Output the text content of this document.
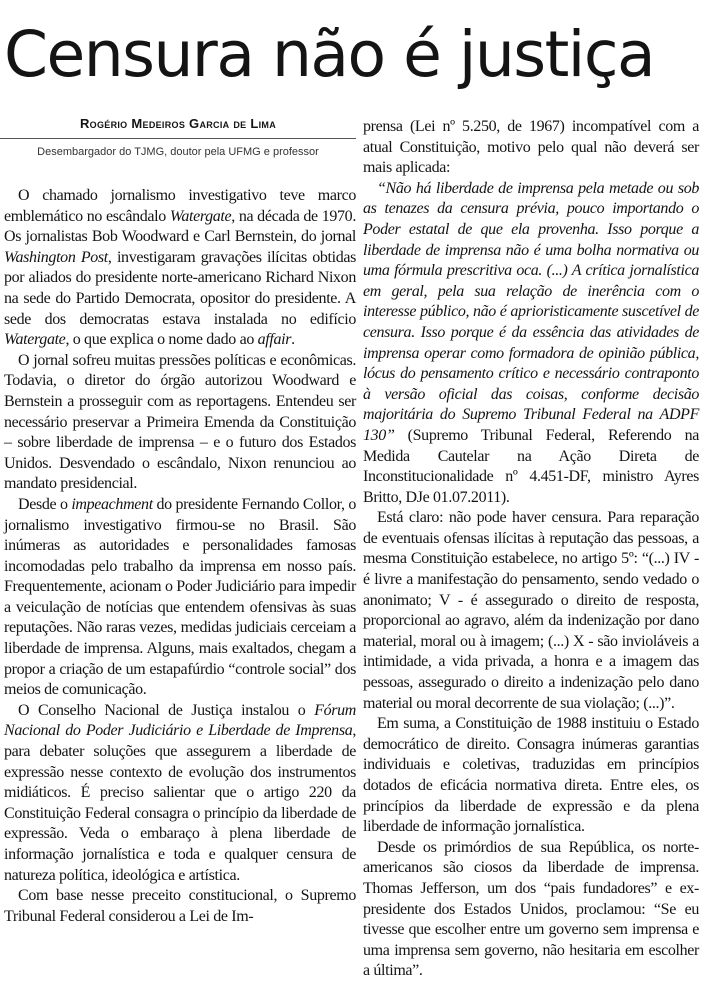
Censura não é justiça
Rogério Medeiros Garcia de Lima
Desembargador do TJMG, doutor pela UFMG e professor

O chamado jornalismo investigativo teve marco emblemático no escândalo Watergate, na década de 1970. Os jornalistas Bob Woodward e Carl Bernstein, do jornal Washington Post, investigaram gravações ilícitas obtidas por aliados do presidente norte-americano Richard Nixon na sede do Partido Democrata, opositor do presidente. A sede dos democratas estava instalada no edifício Watergate, o que explica o nome dado ao affair.

O jornal sofreu muitas pressões políticas e econômicas. Todavia, o diretor do órgão autorizou Woodward e Bernstein a prosseguir com as reportagens. Entendeu ser necessário preservar a Primeira Emenda da Constituição – sobre liberdade de imprensa – e o futuro dos Estados Unidos. Desvendado o escândalo, Nixon renunciou ao mandato presidencial.

Desde o impeachment do presidente Fernando Collor, o jornalismo investigativo firmou-se no Brasil. São inúmeras as autoridades e personalidades famosas incomodadas pelo trabalho da imprensa em nosso país. Frequentemente, acionam o Poder Judiciário para impedir a veiculação de notícias que entendem ofensivas às suas reputações. Não raras vezes, medidas judiciais cerceiam a liberdade de imprensa. Alguns, mais exaltados, chegam a propor a criação de um estapafúrdio “controle social” dos meios de comunicação.

O Conselho Nacional de Justiça instalou o Fórum Nacional do Poder Judiciário e Liberdade de Imprensa, para debater soluções que assegurem a liberdade de expressão nesse contexto de evolução dos instrumentos midiáticos. É preciso salientar que o artigo 220 da Constituição Federal consagra o princípio da liberdade de expressão. Veda o embaraço à plena liberdade de informação jornalística e toda e qualquer censura de natureza política, ideológica e artística.

Com base nesse preceito constitucional, o Supremo Tribunal Federal considerou a Lei de Im-

prensa (Lei nº 5.250, de 1967) incompatível com a atual Constituição, motivo pelo qual não deverá ser mais aplicada:

“Não há liberdade de imprensa pela metade ou sob as tenazes da censura prévia, pouco importando o Poder estatal de que ela provenha. Isso porque a liberdade de imprensa não é uma bolha normativa ou uma fórmula prescritiva oca. (...) A crítica jornalística em geral, pela sua relação de inerência com o interesse público, não é aprioristicamente suscetível de censura. Isso porque é da essência das atividades de imprensa operar como formadora de opinião pública, lócus do pensamento crítico e necessário contraponto à versão oficial das coisas, conforme decisão majoritária do Supremo Tribunal Federal na ADPF 130” (Supremo Tribunal Federal, Referendo na Medida Cautelar na Ação Direta de Inconstitucionalidade nº 4.451-DF, ministro Ayres Britto, DJe 01.07.2011).

Está claro: não pode haver censura. Para reparação de eventuais ofensas ilícitas à reputação das pessoas, a mesma Constituição estabelece, no artigo 5º: “(...) IV - é livre a manifestação do pensamento, sendo vedado o anonimato; V - é assegurado o direito de resposta, proporcional ao agravo, além da indenização por dano material, moral ou à imagem; (...) X - são invioláveis a intimidade, a vida privada, a honra e a imagem das pessoas, assegurado o direito a indenização pelo dano material ou moral decorrente de sua violação; (...)”.

Em suma, a Constituição de 1988 instituiu o Estado democrático de direito. Consagra inúmeras garantias individuais e coletivas, traduzidas em princípios dotados de eficácia normativa direta. Entre eles, os princípios da liberdade de expressão e da plena liberdade de informação jornalística.

Desde os primórdios de sua República, os norte-americanos são ciosos da liberdade de imprensa. Thomas Jefferson, um dos “pais fundadores” e ex-presidente dos Estados Unidos, proclamou: “Se eu tivesse que escolher entre um governo sem imprensa e uma imprensa sem governo, não hesitaria em escolher a última”.
